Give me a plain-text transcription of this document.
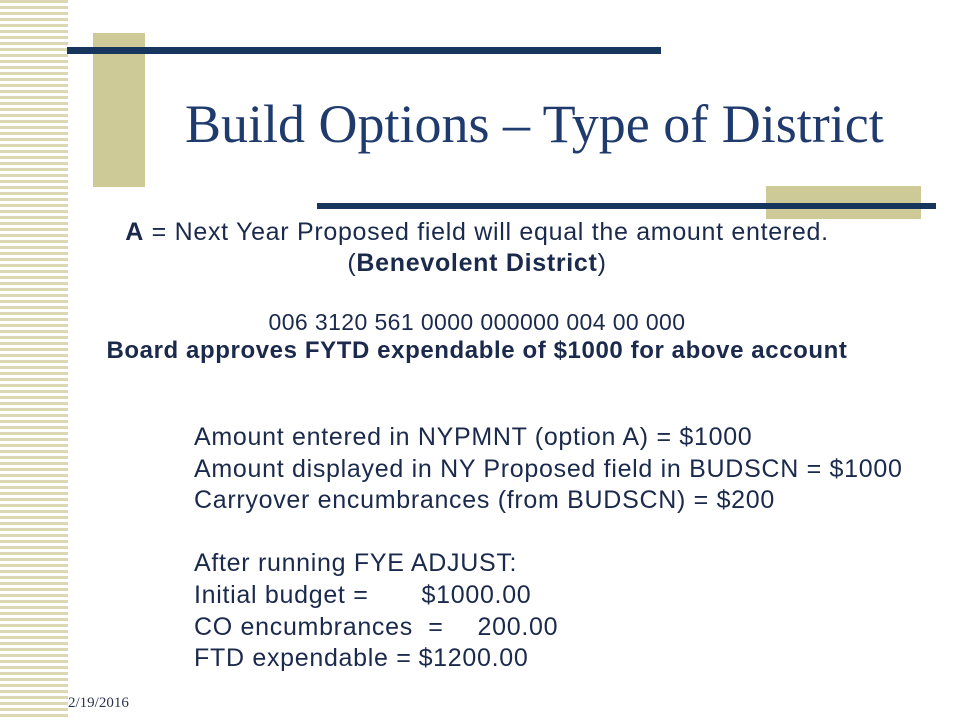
Build Options – Type of District
A = Next Year Proposed field will equal the amount entered.
(Benevolent District)
006 3120 561 0000 000000 004 00 000
Board approves FYTD expendable of $1000 for above account
Amount entered in NYPMNT (option A) = $1000
Amount displayed in NY Proposed field in BUDSCN = $1000
Carryover encumbrances (from BUDSCN) = $200
After running FYE ADJUST:
Initial budget = $1000.00
CO encumbrances  = 200.00
FTD expendable = $1200.00
2/19/2016
